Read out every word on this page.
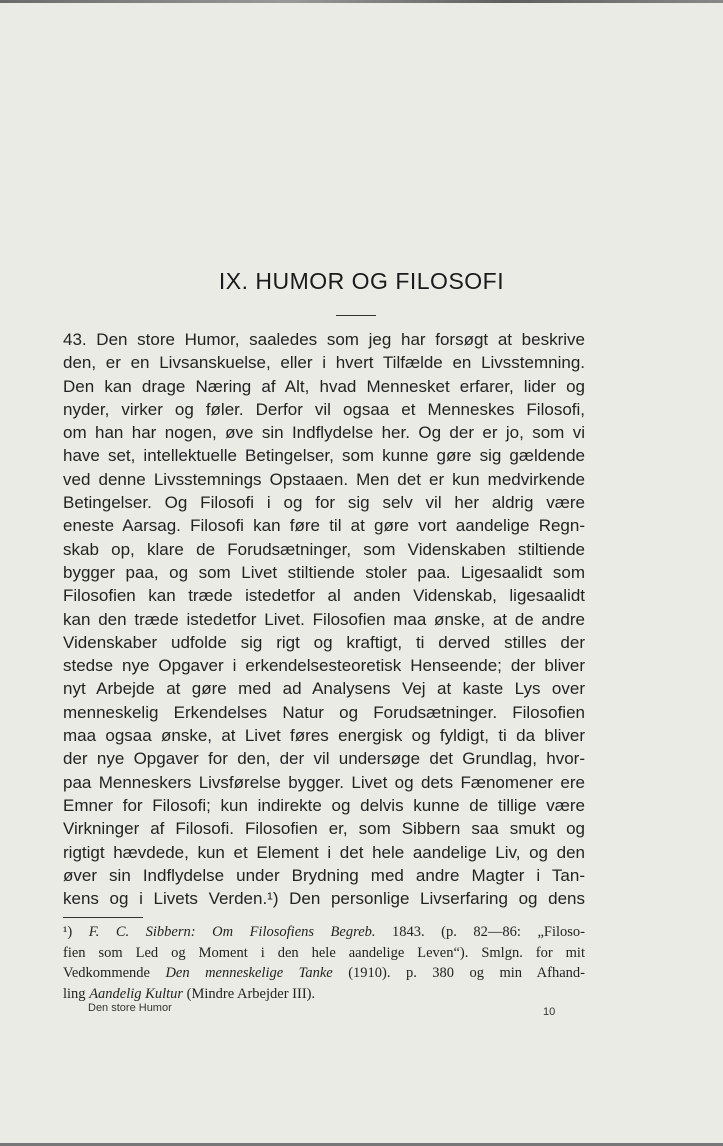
IX. HUMOR OG FILOSOFI
43. Den store Humor, saaledes som jeg har forsøgt at beskrive
den, er en Livsanskuelse, eller i hvert Tilfælde en Livsstemning.
Den kan drage Næring af Alt, hvad Mennesket erfarer, lider og
nyder, virker og føler. Derfor vil ogsaa et Menneskes Filosofi,
om han har nogen, øve sin Indflydelse her. Og der er jo, som vi
have set, intellektuelle Betingelser, som kunne gøre sig gældende
ved denne Livsstemnings Opstaaen. Men det er kun medvirkende
Betingelser. Og Filosofi i og for sig selv vil her aldrig være
eneste Aarsag. Filosofi kan føre til at gøre vort aandelige Regn-
skab op, klare de Forudsætninger, som Videnskaben stiltiende
bygger paa, og som Livet stiltiende stoler paa. Ligesaalidt som
Filosofien kan træde istedetfor al anden Videnskab, ligesaalidt
kan den træde istedetfor Livet. Filosofien maa ønske, at de andre
Videnskaber udfolde sig rigt og kraftigt, ti derved stilles der
stedse nye Opgaver i erkendelsesteoretisk Henseende; der bliver
nyt Arbejde at gøre med ad Analysens Vej at kaste Lys over
menneskelig Erkendelses Natur og Forudsætninger. Filosofien
maa ogsaa ønske, at Livet føres energisk og fyldigt, ti da bliver
der nye Opgaver for den, der vil undersøge det Grundlag, hvor-
paa Menneskers Livsførelse bygger. Livet og dets Fænomener ere
Emner for Filosofi; kun indirekte og delvis kunne de tillige være
Virkninger af Filosofi. Filosofien er, som Sibbern saa smukt og
rigtigt hævdede, kun et Element i det hele aandelige Liv, og den
øver sin Indflydelse under Brydning med andre Magter i Tan-
kens og i Livets Verden.¹) Den personlige Livserfaring og dens
¹) F. C. Sibbern: Om Filosofiens Begreb. 1843. (p. 82—86: „Filoso-
fien som Led og Moment i den hele aandelige Leven“). Smlgn. for mit
Vedkommende Den menneskelige Tanke (1910). p. 380 og min Afhand-
ling Aandelig Kultur (Mindre Arbejder III).
Den store Humor	10
